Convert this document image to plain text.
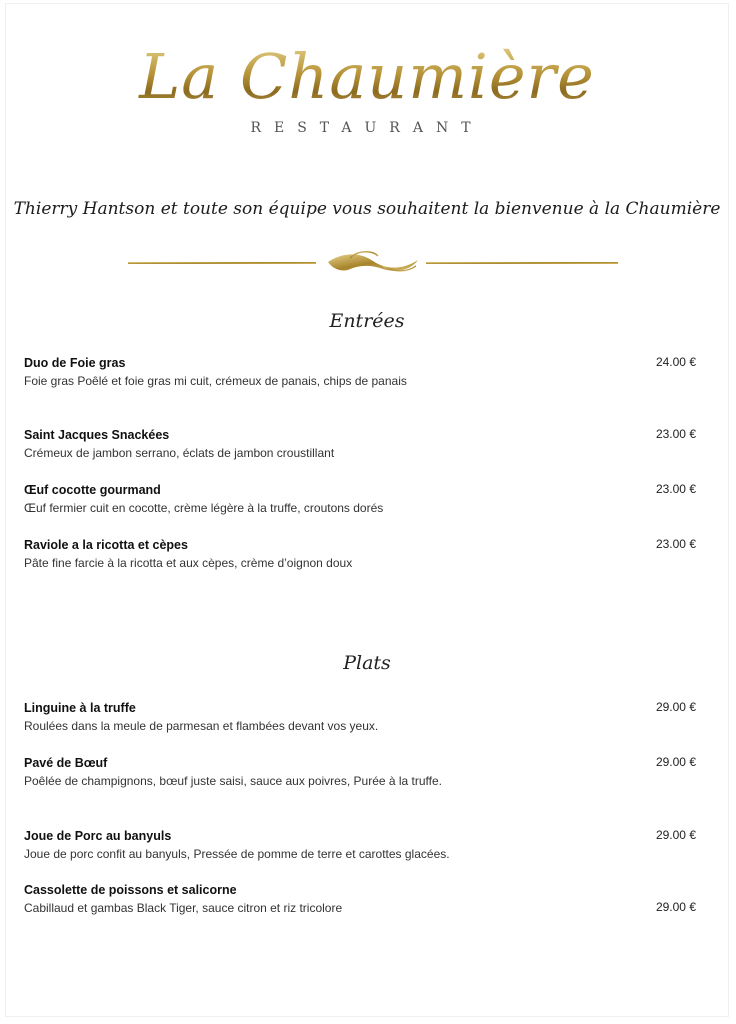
La Chaumière
RESTAURANT
Thierry Hantson et toute son équipe vous souhaitent la bienvenue à la Chaumière
Entrées
Duo de Foie gras
Foie gras Poêlé et foie gras mi cuit, crémeux de panais, chips de panais
24.00 €
Saint Jacques Snackées
Crémeux de jambon serrano, éclats de jambon croustillant
23.00 €
Œuf cocotte gourmand
Œuf fermier cuit en cocotte, crème légère à la truffe, croutons dorés
23.00 €
Raviole a la ricotta et cèpes
Pâte fine farcie à la ricotta et aux cèpes, crème d’oignon doux
23.00 €
Plats
Linguine à la truffe
Roulées dans la meule de parmesan et flambées devant vos yeux.
29.00 €
Pavé de Bœuf
Poêlée de champignons, bœuf juste saisi, sauce aux poivres, Purée à la truffe.
29.00 €
Joue de Porc au banyuls
Joue de porc confit au banyuls, Pressée de pomme de terre et carottes glacées.
29.00 €
Cassolette de poissons et salicorne
Cabillaud et gambas Black Tiger, sauce citron et riz tricolore	29.00 €
